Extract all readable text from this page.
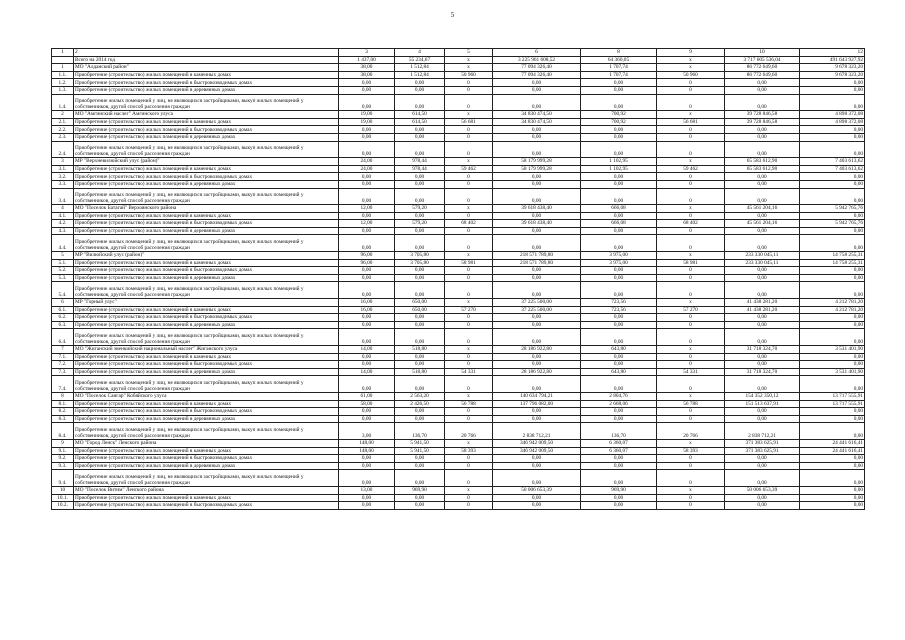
5
1	2	3	4	5	6	8	9	10	12
	Всего на 2014 год	1 437,00	55 234,67	x	3 225 961 608,52	64 360,05	x	3 717 605 536,04	491 643 927,92
1	МО "Алданский район"	38,00	1 512,84	x	77 094 326,40	1 707,74	x	86 772 649,60	9 678 323,20
1.1.	Приобретение (строительство) жилых помещений в каменных домах	38,00	1 512,84	50 960	77 094 326,40	1 707,74	50 960	86 772 649,60	9 678 323,20
1.2.	Приобретение (строительство) жилых помещений в быстровозводимых домах	0,00	0,00	0	0,00	0,00	0	0,00	0,00
1.3.	Приобретение (строительство) жилых помещений в деревянных домах	0,00	0,00	0	0,00	0,00	0	0,00	0,00
1.4.	Приобретение жилых помещений у лиц, не являющихся застройщиками, выкуп жилых помещений у собственников, другой способ расселения граждан	0,00	0,00	0	0,00	0,00	0	0,00	0,00
2	МО "Амгинский наслег" Амгинского улуса	19,00	614,50	x	34 830 474,50	700,92	x	39 728 846,58	4 898 372,08
2.1.	Приобретение (строительство) жилых помещений в каменных домах	19,00	614,50	56 681	34 830 474,50	700,92	56 681	39 728 846,58	4 898 372,08
2.2.	Приобретение (строительство) жилых помещений в быстровозводимых домах	0,00	0,00	0	0,00	0,00	0	0,00	0,00
2.3.	Приобретение (строительство) жилых помещений в деревянных домах	0,00	0,00	0	0,00	0,00	0	0,00	0,00
2.4.	Приобретение жилых помещений у лиц, не являющихся застройщиками, выкуп жилых помещений у собственников, другой способ расселения граждан	0,00	0,00	0	0,00	0,00	0	0,00	0,00
3	МР "Верхневилюйский улус (район)"	24,00	978,44	x	58 179 999,28	1 102,95	x	65 583 612,90	7 403 613,62
3.1.	Приобретение (строительство) жилых помещений в каменных домах	24,00	978,44	59 462	58 179 999,28	1 102,95	59 462	65 583 612,90	7 403 613,62
3.2.	Приобретение (строительство) жилых помещений в быстровозводимых домах	0,00	0,00	0	0,00	0,00	0	0,00	0,00
3.3.	Приобретение (строительство) жилых помещений в деревянных домах	0,00	0,00	0	0,00	0,00	0	0,00	0,00
3.4.	Приобретение жилых помещений у лиц, не являющихся застройщиками, выкуп жилых помещений у собственников, другой способ расселения граждан	0,00	0,00	0	0,00	0,00	0	0,00	0,00
4	МО "Поселок Батагай" Верхоянского района	12,00	579,20	x	39 618 438,40	666,08	x	45 561 204,16	5 942 765,76
4.1.	Приобретение (строительство) жилых помещений в каменных домах	0,00	0,00	0	0,00	0,00	0	0,00	0,00
4.2.	Приобретение (строительство) жилых помещений в быстровозводимых домах	12,00	579,20	68 402	39 618 438,40	666,08	68 402	45 561 204,16	5 942 765,76
4.3.	Приобретение (строительство) жилых помещений в деревянных домах	0,00	0,00	0	0,00	0,00	0	0,00	0,00
4.4.	Приобретение жилых помещений у лиц, не являющихся застройщиками, выкуп жилых помещений у собственников, другой способ расселения граждан	0,00	0,00	0	0,00	0,00	0	0,00	0,00
5	МР "Вилюйский улус (район)"	96,00	3 705,80	x	218 571 789,80	3 975,00	x	233 330 045,11	14 758 255,31
5.1.	Приобретение (строительство) жилых помещений в каменных домах	96,00	3 705,80	58 981	218 571 789,80	3 975,00	58 981	233 330 045,11	14 758 255,31
5.2.	Приобретение (строительство) жилых помещений в быстровозводимых домах	0,00	0,00	0	0,00	0,00	0	0,00	0,00
5.3.	Приобретение (строительство) жилых помещений в деревянных домах	0,00	0,00	0	0,00	0,00	0	0,00	0,00
5.4.	Приобретение жилых помещений у лиц, не являющихся застройщиками, выкуп жилых помещений у собственников, другой способ расселения граждан	0,00	0,00	0	0,00	0,00	0	0,00	0,00
6	МР "Горный улус"	16,00	650,00	x	37 225 500,00	723,56	x	41 438 281,20	4 212 781,20
6.1.	Приобретение (строительство) жилых помещений в каменных домах	16,00	650,00	57 270	37 225 500,00	723,56	57 270	41 438 281,20	4 212 781,20
6.2.	Приобретение (строительство) жилых помещений в быстровозводимых домах	0,00	0,00	0	0,00	0,00	0	0,00	0,00
6.3.	Приобретение (строительство) жилых помещений в деревянных домах	0,00	0,00	0	0,00	0,00	0	0,00	0,00
6.4.	Приобретение жилых помещений у лиц, не являющихся застройщиками, выкуп жилых помещений у собственников, другой способ расселения граждан	0,00	0,00	0	0,00	0,00	0	0,00	0,00
7	МО "Жиганский эвенкийский национальный наслег" Жиганского улуса	14,00	518,80	x	28 186 922,80	643,80	x	31 718 324,70	3 531 401,90
7.1.	Приобретение (строительство) жилых помещений в каменных домах	0,00	0,00	0	0,00	0,00	0	0,00	0,00
7.2.	Приобретение (строительство) жилых помещений в быстровозводимых домах	0,00	0,00	0	0,00	0,00	0	0,00	0,00
7.3.	Приобретение (строительство) жилых помещений в деревянных домах	14,00	518,80	54 331	28 186 922,80	643,80	54 331	31 718 324,70	3 531 401,90
7.4.	Приобретение жилых помещений у лиц, не являющихся застройщиками, выкуп жилых помещений у собственников, другой способ расселения граждан	0,00	0,00	0	0,00	0,00	0	0,00	0,00
8	МО "Поселок Сангар" Кобяйского улуса	61,00	2 563,20	x	140 634 794,21	2 804,76	x	154 352 350,12	13 717 555,91
8.1.	Приобретение (строительство) жилых помещений в каменных домах	58,00	2 426,50	56 788	137 796 082,00	2 668,06	56 788	151 513 637,91	13 717 555,91
8.2.	Приобретение (строительство) жилых помещений в быстровозводимых домах	0,00	0,00	0	0,00	0,00	0	0,00	0,00
8.3.	Приобретение (строительство) жилых помещений в деревянных домах	0,00	0,00	0	0,00	0,00	0	0,00	0,00
8.4.	Приобретение жилых помещений у лиц, не являющихся застройщиками, выкуп жилых помещений у собственников, другой способ расселения граждан	3,00	136,70	20 766	2 838 712,21	136,70	20 766	2 838 712,21	0,00
9	МО "Город Ленск" Ленского района	148,00	5 941,50	x	346 942 009,50	6 360,07	x	371 383 625,91	24 441 616,41
9.1.	Приобретение (строительство) жилых помещений в каменных домах	148,00	5 941,50	58 393	346 942 009,50	6 360,07	58 393	371 383 625,91	24 441 616,41
9.2.	Приобретение (строительство) жилых помещений в быстровозводимых домах	0,00	0,00	0	0,00	0,00	0	0,00	0,00
9.3.	Приобретение (строительство) жилых помещений в деревянных домах	0,00	0,00	0	0,00	0,00	0	0,00	0,00
9.4.	Приобретение жилых помещений у лиц, не являющихся застройщиками, выкуп жилых помещений у собственников, другой способ расселения граждан	0,00	0,00	0	0,00	0,00	0	0,00	0,00
10	МО "Поселок Витим" Ленского района	13,00	969,90	x	50 006 653,39	969,90	x	50 006 653,39	0,00
10.1.	Приобретение (строительство) жилых помещений в каменных домах	0,00	0,00	0	0,00	0,00	0	0,00	0,00
10.2.	Приобретение (строительство) жилых помещений в быстровозводимых домах	0,00	0,00	0	0,00	0,00	0	0,00	0,00
